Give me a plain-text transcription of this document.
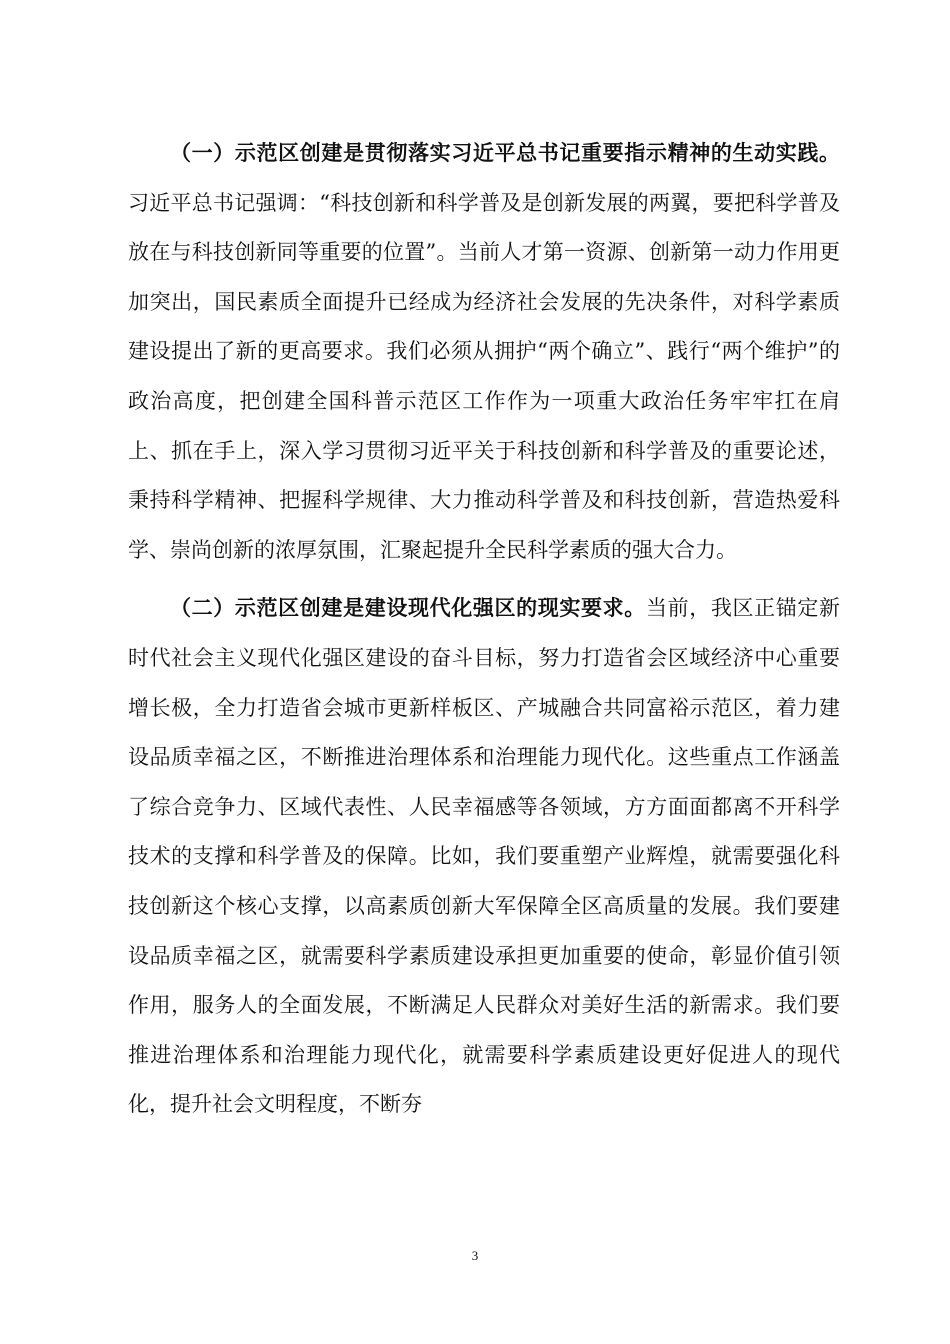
（一）示范区创建是贯彻落实习近平总书记重要指示精神的生动实践。习近平总书记强调：“科技创新和科学普及是创新发展的两翼，要把科学普及放在与科技创新同等重要的位置”。当前人才第一资源、创新第一动力作用更加突出，国民素质全面提升已经成为经济社会发展的先决条件，对科学素质建设提出了新的更高要求。我们必须从拥护“两个确立”、践行“两个维护”的政治高度，把创建全国科普示范区工作作为一项重大政治任务牢牢扛在肩上、抓在手上，深入学习贯彻习近平关于科技创新和科学普及的重要论述，秉持科学精神、把握科学规律、大力推动科学普及和科技创新，营造热爱科学、崇尚创新的浓厚氛围，汇聚起提升全民科学素质的强大合力。

（二）示范区创建是建设现代化强区的现实要求。当前，我区正锚定新时代社会主义现代化强区建设的奋斗目标，努力打造省会区域经济中心重要增长极，全力打造省会城市更新样板区、产城融合共同富裕示范区，着力建设品质幸福之区，不断推进治理体系和治理能力现代化。这些重点工作涵盖了综合竞争力、区域代表性、人民幸福感等各领域，方方面面都离不开科学技术的支撑和科学普及的保障。比如，我们要重塑产业辉煌，就需要强化科技创新这个核心支撑，以高素质创新大军保障全区高质量的发展。我们要建设品质幸福之区，就需要科学素质建设承担更加重要的使命，彰显价值引领作用，服务人的全面发展，不断满足人民群众对美好生活的新需求。我们要推进治理体系和治理能力现代化，就需要科学素质建设更好促进人的现代化，提升社会文明程度，不断夯

3
